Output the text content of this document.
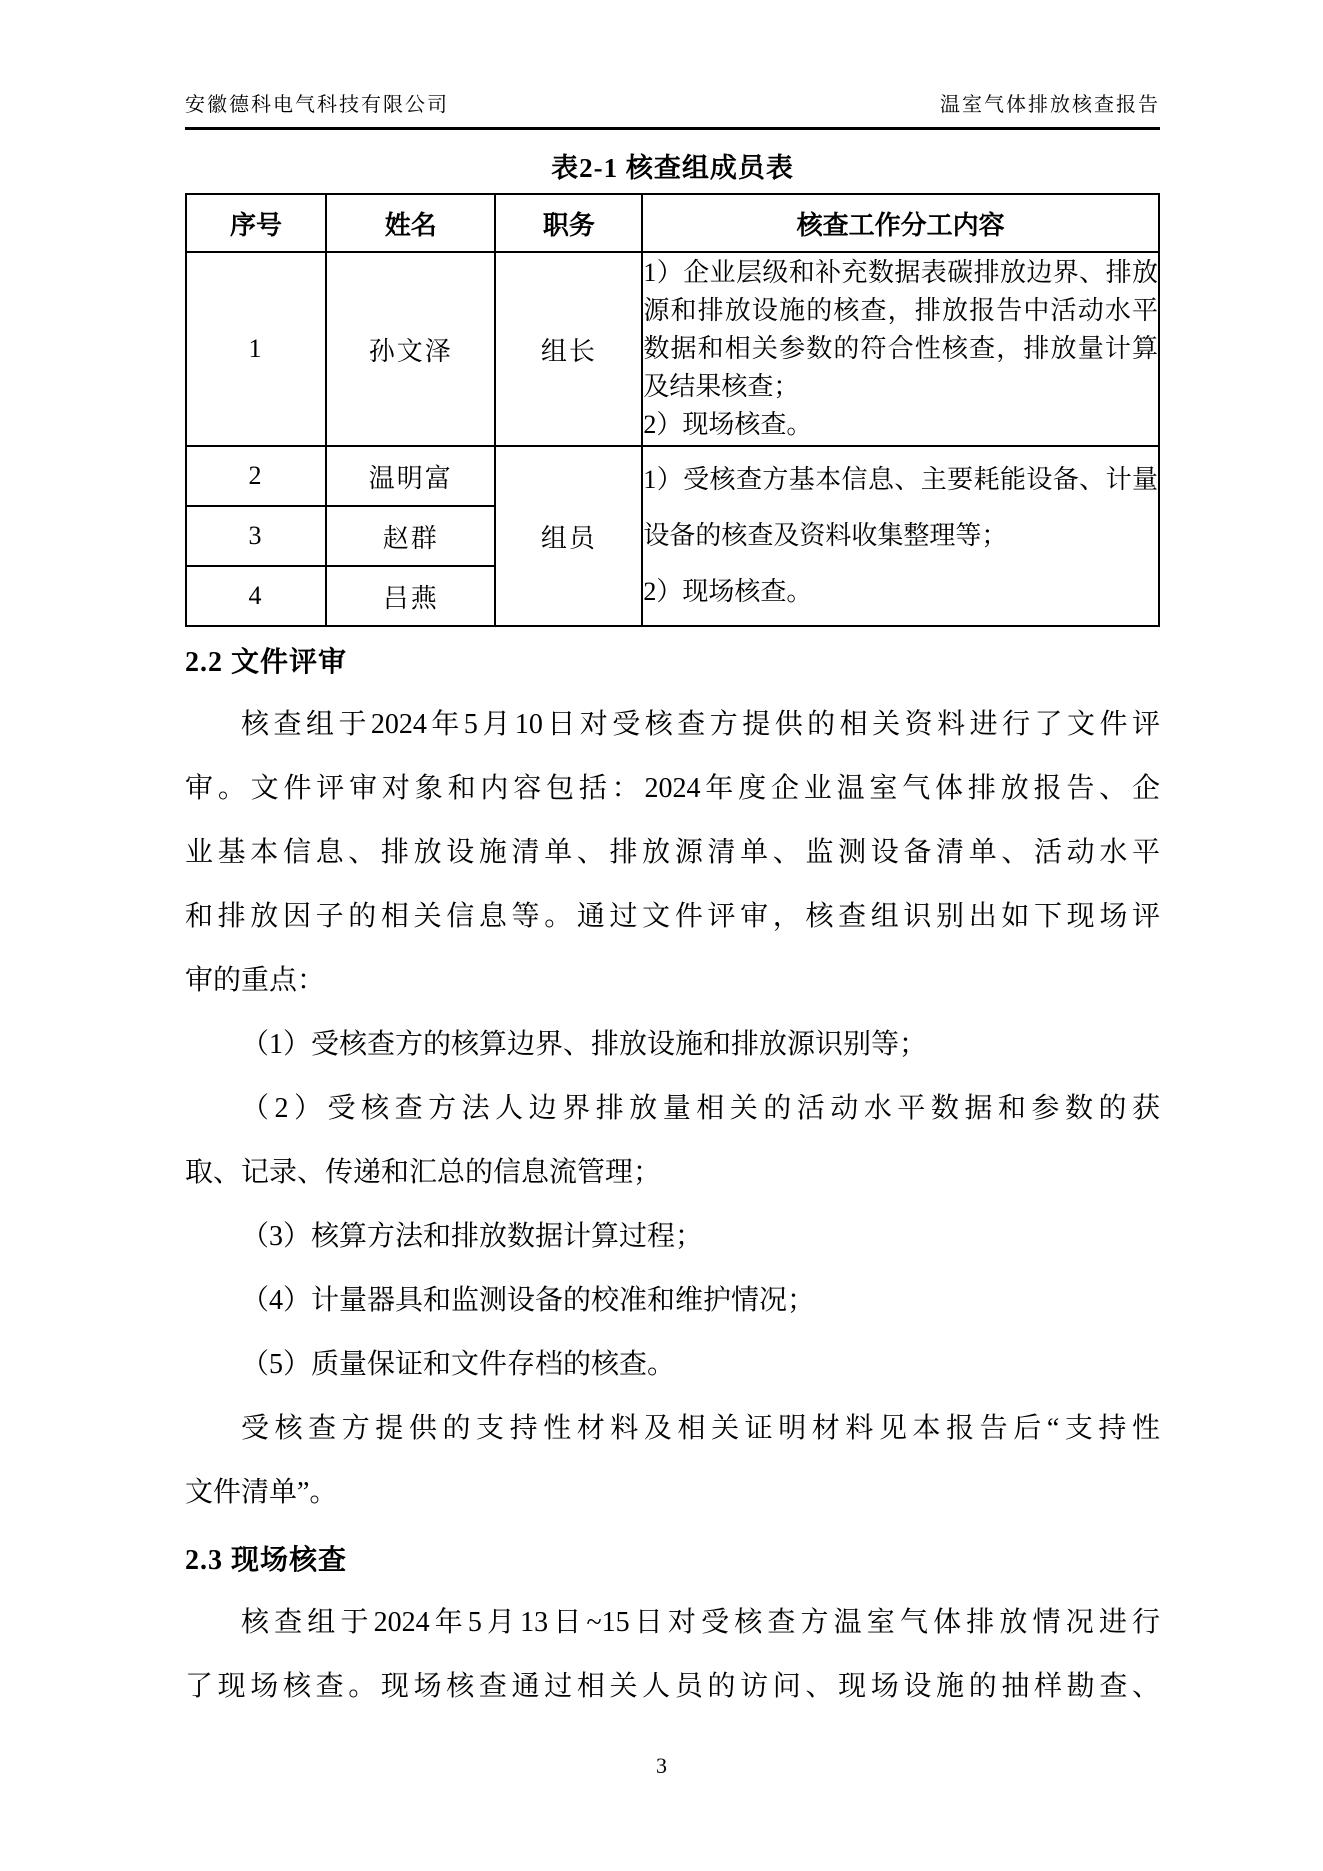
安徽德科电气科技有限公司	温室气体排放核查报告
表2-1 核查组成员表
序号	姓名	职务	核查工作分工内容
1	孙文泽	组长	1）企业层级和补充数据表碳排放边界、排放源和排放设施的核查，排放报告中活动水平数据和相关参数的符合性核查，排放量计算及结果核查；
2）现场核查。

2	温明富	组员	1）受核查方基本信息、主要耗能设备、计量设备的核查及资料收集整理等；
2）现场核查。

3	赵群		
4	吕燕		
2.2 文件评审
核查组于2024年5月10日对受核查方提供的相关资料进行了文件评
审。文件评审对象和内容包括：2024年度企业温室气体排放报告、企
业基本信息、排放设施清单、排放源清单、监测设备清单、活动水平
和排放因子的相关信息等。通过文件评审，核查组识别出如下现场评
审的重点：
（1）受核查方的核算边界、排放设施和排放源识别等；
（2）受核查方法人边界排放量相关的活动水平数据和参数的获
取、记录、传递和汇总的信息流管理；
（3）核算方法和排放数据计算过程；
（4）计量器具和监测设备的校准和维护情况；
（5）质量保证和文件存档的核查。
受核查方提供的支持性材料及相关证明材料见本报告后“支持性
文件清单”。
2.3 现场核查
核查组于2024年5月13日~15日对受核查方温室气体排放情况进行
了现场核查。现场核查通过相关人员的访问、现场设施的抽样勘查、
3
